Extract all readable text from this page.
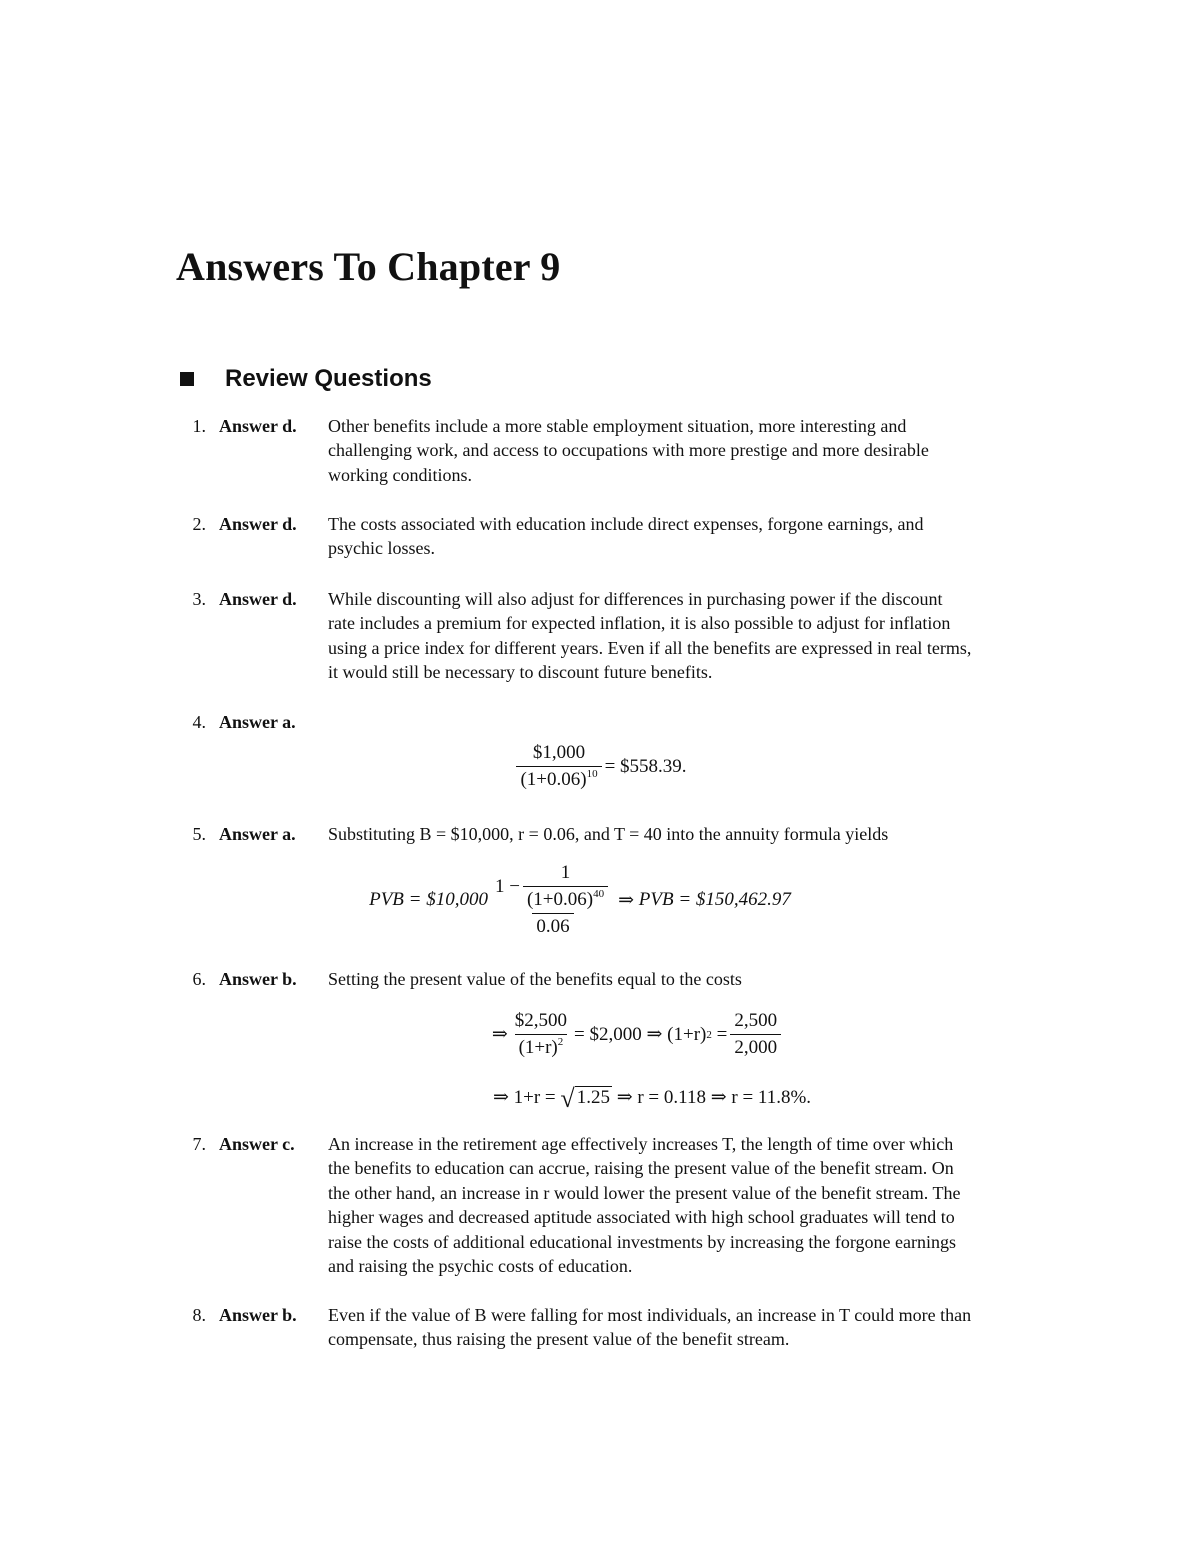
Answers To Chapter 9
Review Questions
1. Answer d. Other benefits include a more stable employment situation, more interesting and

challenging work, and access to occupations with more prestige and more desirable

working conditions.

2. Answer d. The costs associated with education include direct expenses, forgone earnings, and

psychic losses.

3. Answer d. While discounting will also adjust for differences in purchasing power if the discount

rate includes a premium for expected inflation, it is also possible to adjust for inflation

using a price index for different years. Even if all the benefits are expressed in real terms,

it would still be necessary to discount future benefits.

4. Answer a.
$\frac{\$1,000}{(1+0.06)^{10}}$ = $558.39.
5. Answer a. Substituting B = $10,000, r = 0.06, and T = 40 into the annuity formula yields

PVB = $10,000 $\frac{1 - \frac{1}{(1+0.06)^{40}}}{0.06}$ ⇒
PVB = $150,462.97
6. Answer b. Setting the present value of the benefits equal to the costs

⇒ $\frac{\$2,500}{(1+r)^2}$ = $2,000 ⇒ (1+r) 2
= $\frac{2,500}{2,000}$
⇒ 1+r =
√ 1.25
⇒ r = 0.118 ⇒ r = 11.8%.
7. Answer c. An increase in the retirement age effectively increases T, the length of time over which

the benefits to education can accrue, raising the present value of the benefit stream. On

the other hand, an increase in r would lower the present value of the benefit stream. The

higher wages and decreased aptitude associated with high school graduates will tend to

raise the costs of additional educational investments by increasing the forgone earnings

and raising the psychic costs of education.

8. Answer b. Even if the value of B were falling for most individuals, an increase in T could more than

compensate, thus raising the present value of the benefit stream.
